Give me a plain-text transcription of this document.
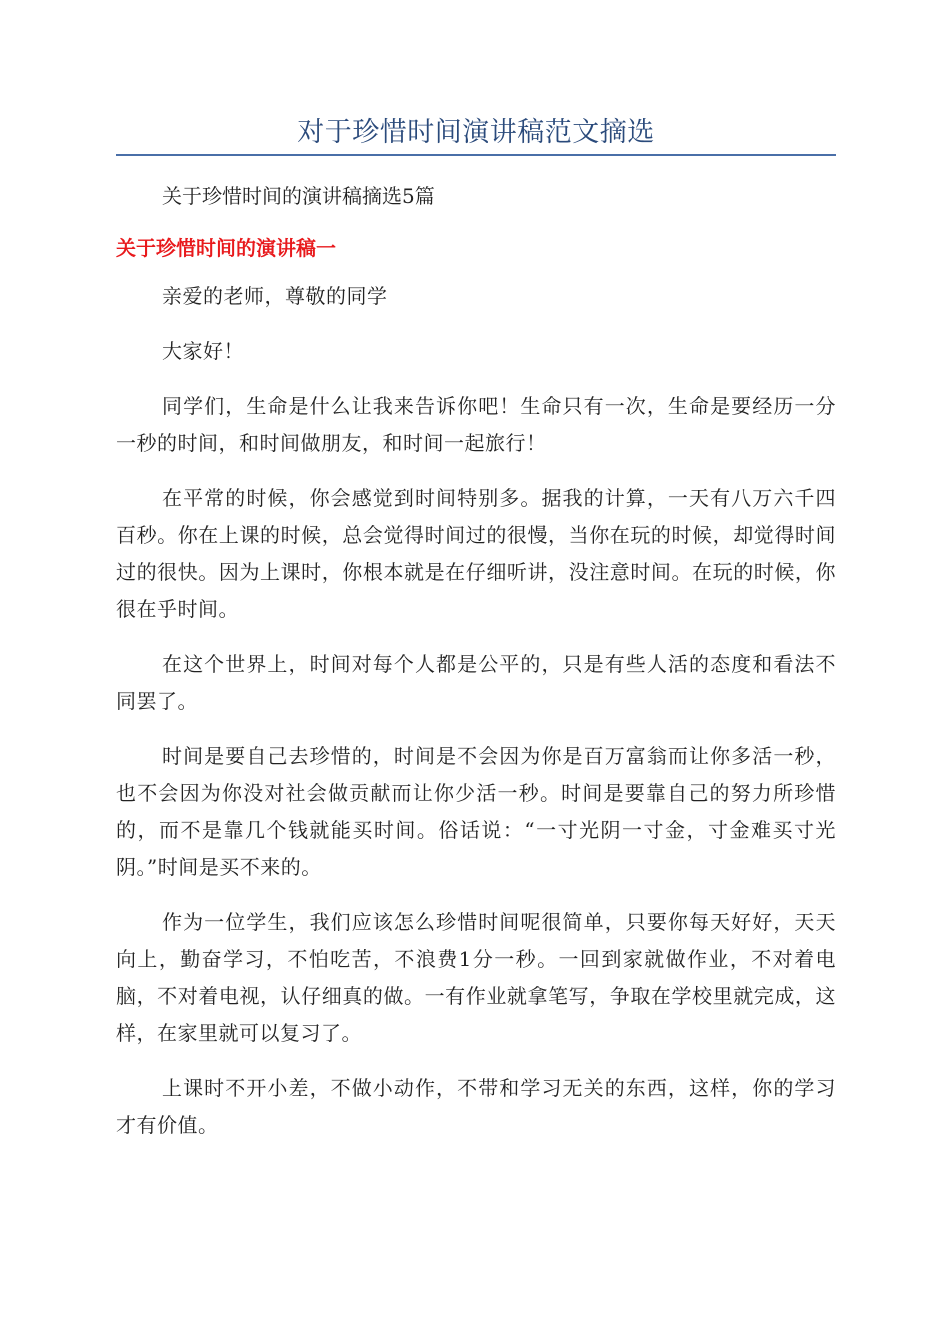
对于珍惜时间演讲稿范文摘选

关于珍惜时间的演讲稿摘选5篇

关于珍惜时间的演讲稿一

亲爱的老师，尊敬的同学

大家好！

同学们，生命是什么让我来告诉你吧！生命只有一次，生命是要经历一分一秒的时间，和时间做朋友，和时间一起旅行！

在平常的时候，你会感觉到时间特别多。据我的计算，一天有八万六千四百秒。你在上课的时候，总会觉得时间过的很慢，当你在玩的时候，却觉得时间过的很快。因为上课时，你根本就是在仔细听讲，没注意时间。在玩的时候，你很在乎时间。

在这个世界上，时间对每个人都是公平的，只是有些人活的态度和看法不同罢了。

时间是要自己去珍惜的，时间是不会因为你是百万富翁而让你多活一秒，也不会因为你没对社会做贡献而让你少活一秒。时间是要靠自己的努力所珍惜的，而不是靠几个钱就能买时间。俗话说：“一寸光阴一寸金，寸金难买寸光阴。”时间是买不来的。

作为一位学生，我们应该怎么珍惜时间呢很简单，只要你每天好好，天天向上，勤奋学习，不怕吃苦，不浪费1分一秒。一回到家就做作业，不对着电脑，不对着电视，认仔细真的做。一有作业就拿笔写，争取在学校里就完成，这样，在家里就可以复习了。

上课时不开小差，不做小动作，不带和学习无关的东西，这样，你的学习才有价值。
